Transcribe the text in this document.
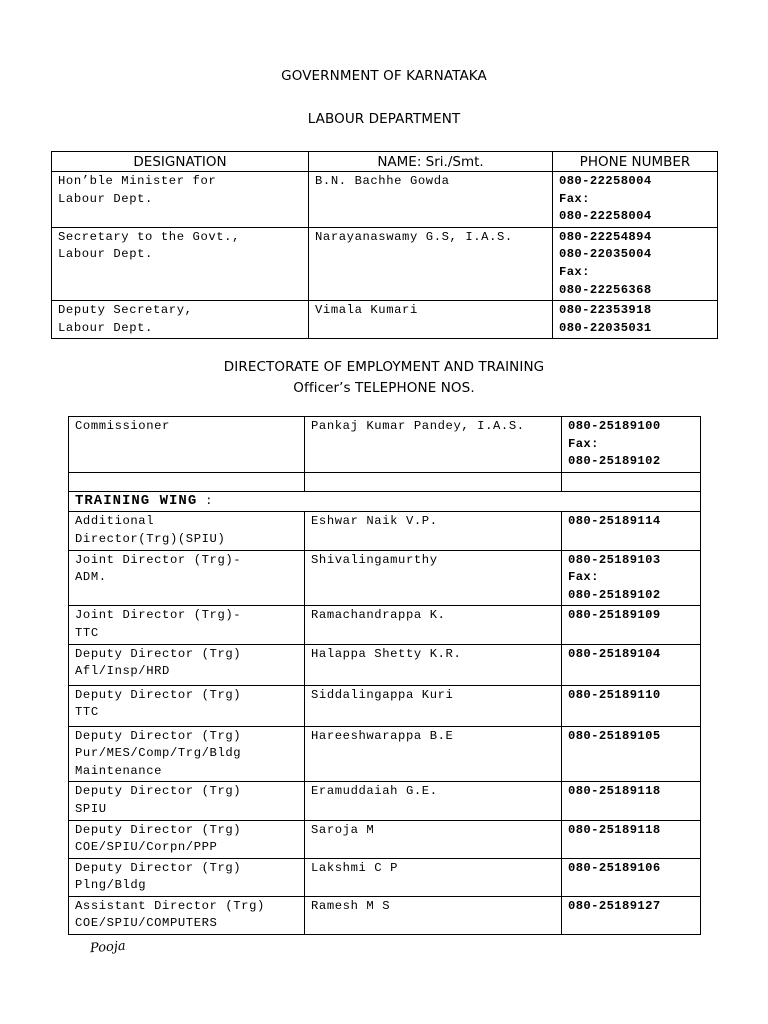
GOVERNMENT OF KARNATAKA
LABOUR DEPARTMENT
DESIGNATION	NAME: Sri./Smt.	PHONE NUMBER

Hon’ble Minister for
Labour Dept.	B.N. Bachhe Gowda	080-22258004
Fax:
080-22258004

Secretary to the Govt.,
Labour Dept.	Narayanaswamy G.S, I.A.S.	080-22254894
080-22035004
Fax:
080-22256368

Deputy Secretary,
Labour Dept.	Vimala Kumari	080-22353918
080-22035031
DIRECTORATE OF EMPLOYMENT AND TRAINING
Officer’s TELEPHONE NOS.
Commissioner	Pankaj Kumar Pandey, I.A.S.	080-25189100
Fax:
080-25189102

TRAINING WING :		

Additional
Director(Trg)(SPIU)	Eshwar Naik V.P.	080-25189114

Joint Director (Trg)-
ADM.	Shivalingamurthy	080-25189103
Fax:
080-25189102

Joint Director (Trg)-
TTC	Ramachandrappa K.	080-25189109

Deputy Director (Trg)
Afl/Insp/HRD	Halappa Shetty K.R.	080-25189104

Deputy Director (Trg)
TTC	Siddalingappa Kuri	080-25189110

Deputy Director (Trg)
Pur/MES/Comp/Trg/Bldg
Maintenance	Hareeshwarappa B.E	080-25189105

Deputy Director (Trg)
SPIU	Eramuddaiah G.E.	080-25189118

Deputy Director (Trg)
COE/SPIU/Corpn/PPP	Saroja M	080-25189118

Deputy Director (Trg)
Plng/Bldg	Lakshmi C P	080-25189106

Assistant Director (Trg)
COE/SPIU/COMPUTERS	Ramesh M S	080-25189127
Pooja
